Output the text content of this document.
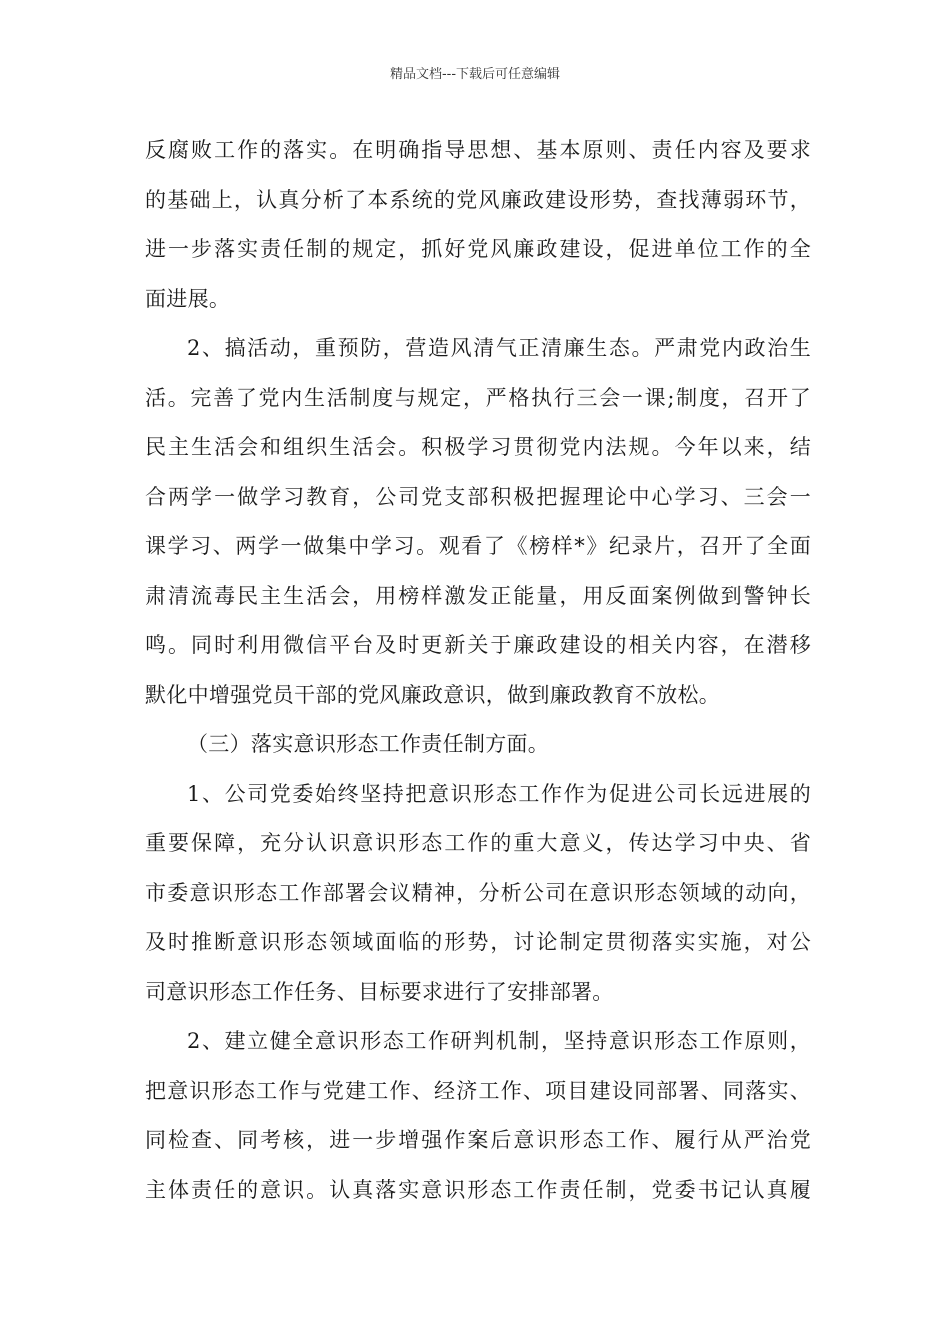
精品文档---下载后可任意编辑
反腐败工作的落实。在明确指导思想、基本原则、责任内容及要求
的基础上，认真分析了本系统的党风廉政建设形势，查找薄弱环节，
进一步落实责任制的规定，抓好党风廉政建设，促进单位工作的全
面进展。
2、搞活动，重预防，营造风清气正清廉生态。严肃党内政治生
活。完善了党内生活制度与规定，严格执行三会一课;制度，召开了
民主生活会和组织生活会。积极学习贯彻党内法规。今年以来，结
合两学一做学习教育，公司党支部积极把握理论中心学习、三会一
课学习、两学一做集中学习。观看了《榜样*》纪录片，召开了全面
肃清流毒民主生活会，用榜样激发正能量，用反面案例做到警钟长
鸣。同时利用微信平台及时更新关于廉政建设的相关内容，在潜移
默化中增强党员干部的党风廉政意识，做到廉政教育不放松。
（三）落实意识形态工作责任制方面。
1、公司党委始终坚持把意识形态工作作为促进公司长远进展的
重要保障，充分认识意识形态工作的重大意义，传达学习中央、省
市委意识形态工作部署会议精神，分析公司在意识形态领域的动向，
及时推断意识形态领域面临的形势，讨论制定贯彻落实实施，对公
司意识形态工作任务、目标要求进行了安排部署。
2、建立健全意识形态工作研判机制，坚持意识形态工作原则，
把意识形态工作与党建工作、经济工作、项目建设同部署、同落实、
同检查、同考核，进一步增强作案后意识形态工作、履行从严治党
主体责任的意识。认真落实意识形态工作责任制，党委书记认真履
